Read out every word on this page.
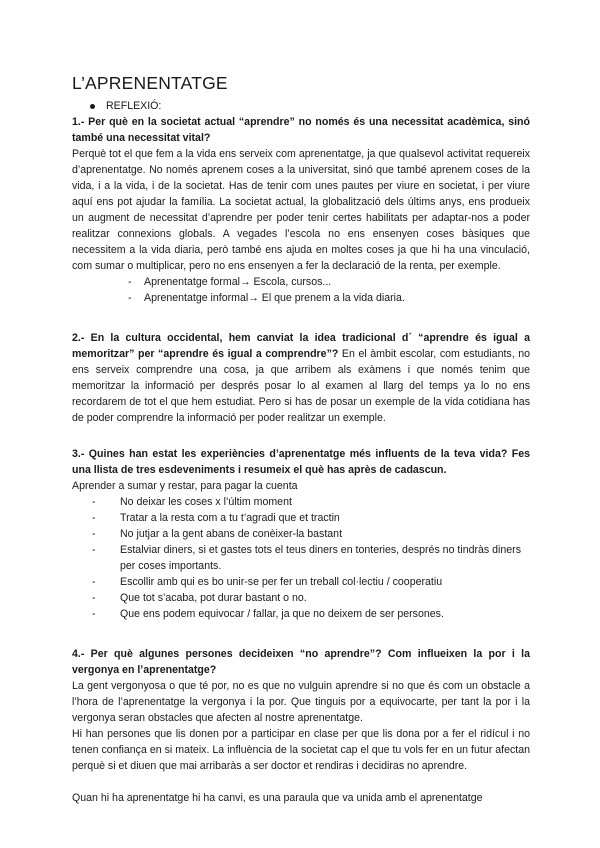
L’APRENENTATGE
REFLEXIÓ:

1.- Per què en la societat actual “aprendre” no només és una necessitat acadèmica, sinó també una necessitat vital?

Perquè tot el que fem a la vida ens serveix com aprenentatge, ja que qualsevol activitat requereix d’aprenentatge. No només aprenem coses a la universitat, sinó que també aprenem coses de la vida, i a la vida, i de la societat. Has de tenir com unes pautes per viure en societat, i per viure aquí ens pot ajudar la família. La societat actual, la globalització dels últims anys, ens produeix un augment de necessitat d’aprendre per poder tenir certes habilitats per adaptar-nos a poder realitzar connexions globals. A vegades l’escola no ens ensenyen coses bàsiques que necessitem a la vida diaria, però també ens ajuda en moltes coses ja que hi ha una vinculació, com sumar o multiplicar, pero no ens ensenyen a fer la declaració de la renta, per exemple.

- Aprenentatge formal→ Escola, cursos...
- Aprenentatge informal→ El que prenem a la vida diaria.

2.- En la cultura occidental, hem canviat la idea tradicional d´ “aprendre és igual a memoritzar” per “aprendre és igual a comprendre”? En el àmbit escolar, com estudiants, no ens serveix comprendre una cosa, ja que arribem als exàmens i que només tenim que memoritzar la informació per després posar lo al examen al llarg del temps ya lo no ens recordarem de tot el que hem estudiat. Pero si has de posar un exemple de la vida cotidiana has de poder comprendre la informació per poder realitzar un exemple.

3.- Quines han estat les experiències d’aprenentatge més influents de la teva vida? Fes una llista de tres esdeveniments i resumeix el què has après de cadascun.

Aprender a sumar y restar, para pagar la cuenta

- No deixar les coses x l’últim moment
- Tratar a la resta com a tu t’agradi que et tractin
- No jutjar a la gent abans de conèixer-la bastant
- Estalviar diners, si et gastes tots el teus diners en tonteries, després no tindràs diners per coses importants.
- Escollir amb qui es bo unir-se per fer un treball col·lectiu / cooperatiu
- Que tot s’acaba, pot durar bastant o no.
- Que ens podem equivocar / fallar, ja que no deixem de ser persones.

4.- Per què algunes persones decideixen “no aprendre”? Com influeixen la por i la vergonya en l’aprenentatge?

La gent vergonyosa o que té por, no es que no vulguin aprendre si no que és com un obstacle a l’hora de l’aprenentatge la vergonya i la por. Que tinguis por a equivocarte, per tant la por i la vergonya seran obstacles que afecten al nostre aprenentatge.

Hi han persones que lis donen por a participar en clase per que lis dona por a fer el ridícul i no tenen confiança en si mateix. La influència de la societat cap el que tu vols fer en un futur afectan perquè si et diuen que mai arribaràs a ser doctor et rendiras i decidiras no aprendre.

Quan hi ha aprenentatge hi ha canvi, es una paraula que va unida amb el aprenentatge
